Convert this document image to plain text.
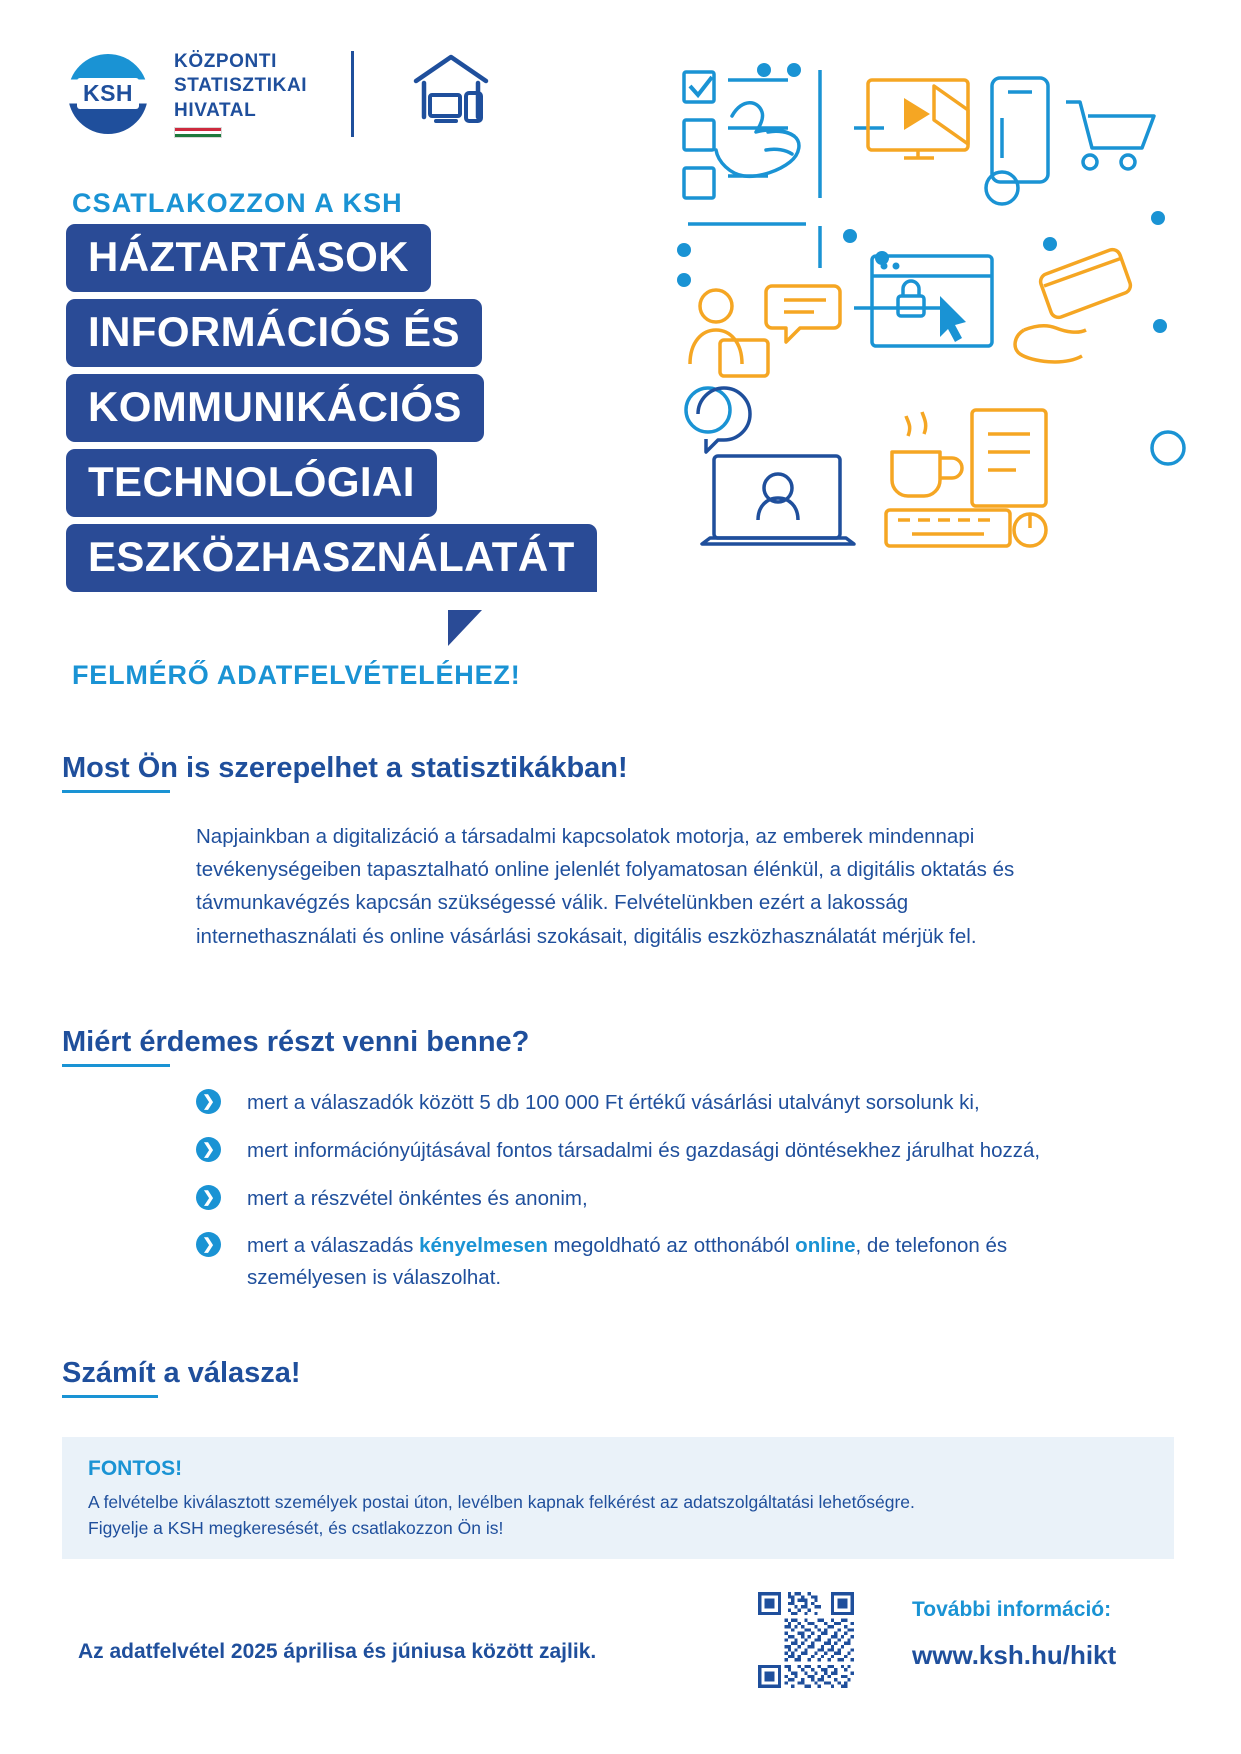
KSH
KÖZPONTI
STATISZTIKAI
HIVATAL
CSATLAKOZZON A KSH
HÁZTARTÁSOK
INFORMÁCIÓS ÉS
KOMMUNIKÁCIÓS
TECHNOLÓGIAI
ESZKÖZHASZNÁLATÁT
FELMÉRŐ ADATFELVÉTELÉHEZ!
Most Ön is szerepelhet a statisztikákban!
Napjainkban a digitalizáció a társadalmi kapcsolatok motorja, az emberek mindennapi tevékenységeiben tapasztalható online jelenlét folyamatosan élénkül, a digitális oktatás és távmunkavégzés kapcsán szükségessé válik. Felvételünkben ezért a lakosság internethasználati és online vásárlási szokásait, digitális eszközhasználatát mérjük fel.
Miért érdemes részt venni benne?
❯	mert a válaszadók között 5 db 100 000 Ft értékű vásárlási utalványt sorsolunk ki,
❯	mert információnyújtásával fontos társadalmi és gazdasági döntésekhez járulhat hozzá,
❯	mert a részvétel önkéntes és anonim,
❯	mert a válaszadás kényelmesen megoldható az otthonából online, de telefonon és személyesen is válaszolhat.
Számít a válasza!
FONTOS!
A felvételbe kiválasztott személyek postai úton, levélben kapnak felkérést az adatszolgáltatási lehetőségre.
Figyelje a KSH megkeresését, és csatlakozzon Ön is!
Az adatfelvétel 2025 áprilisa és júniusa között zajlik.
További információ:
www.ksh.hu/hikt
